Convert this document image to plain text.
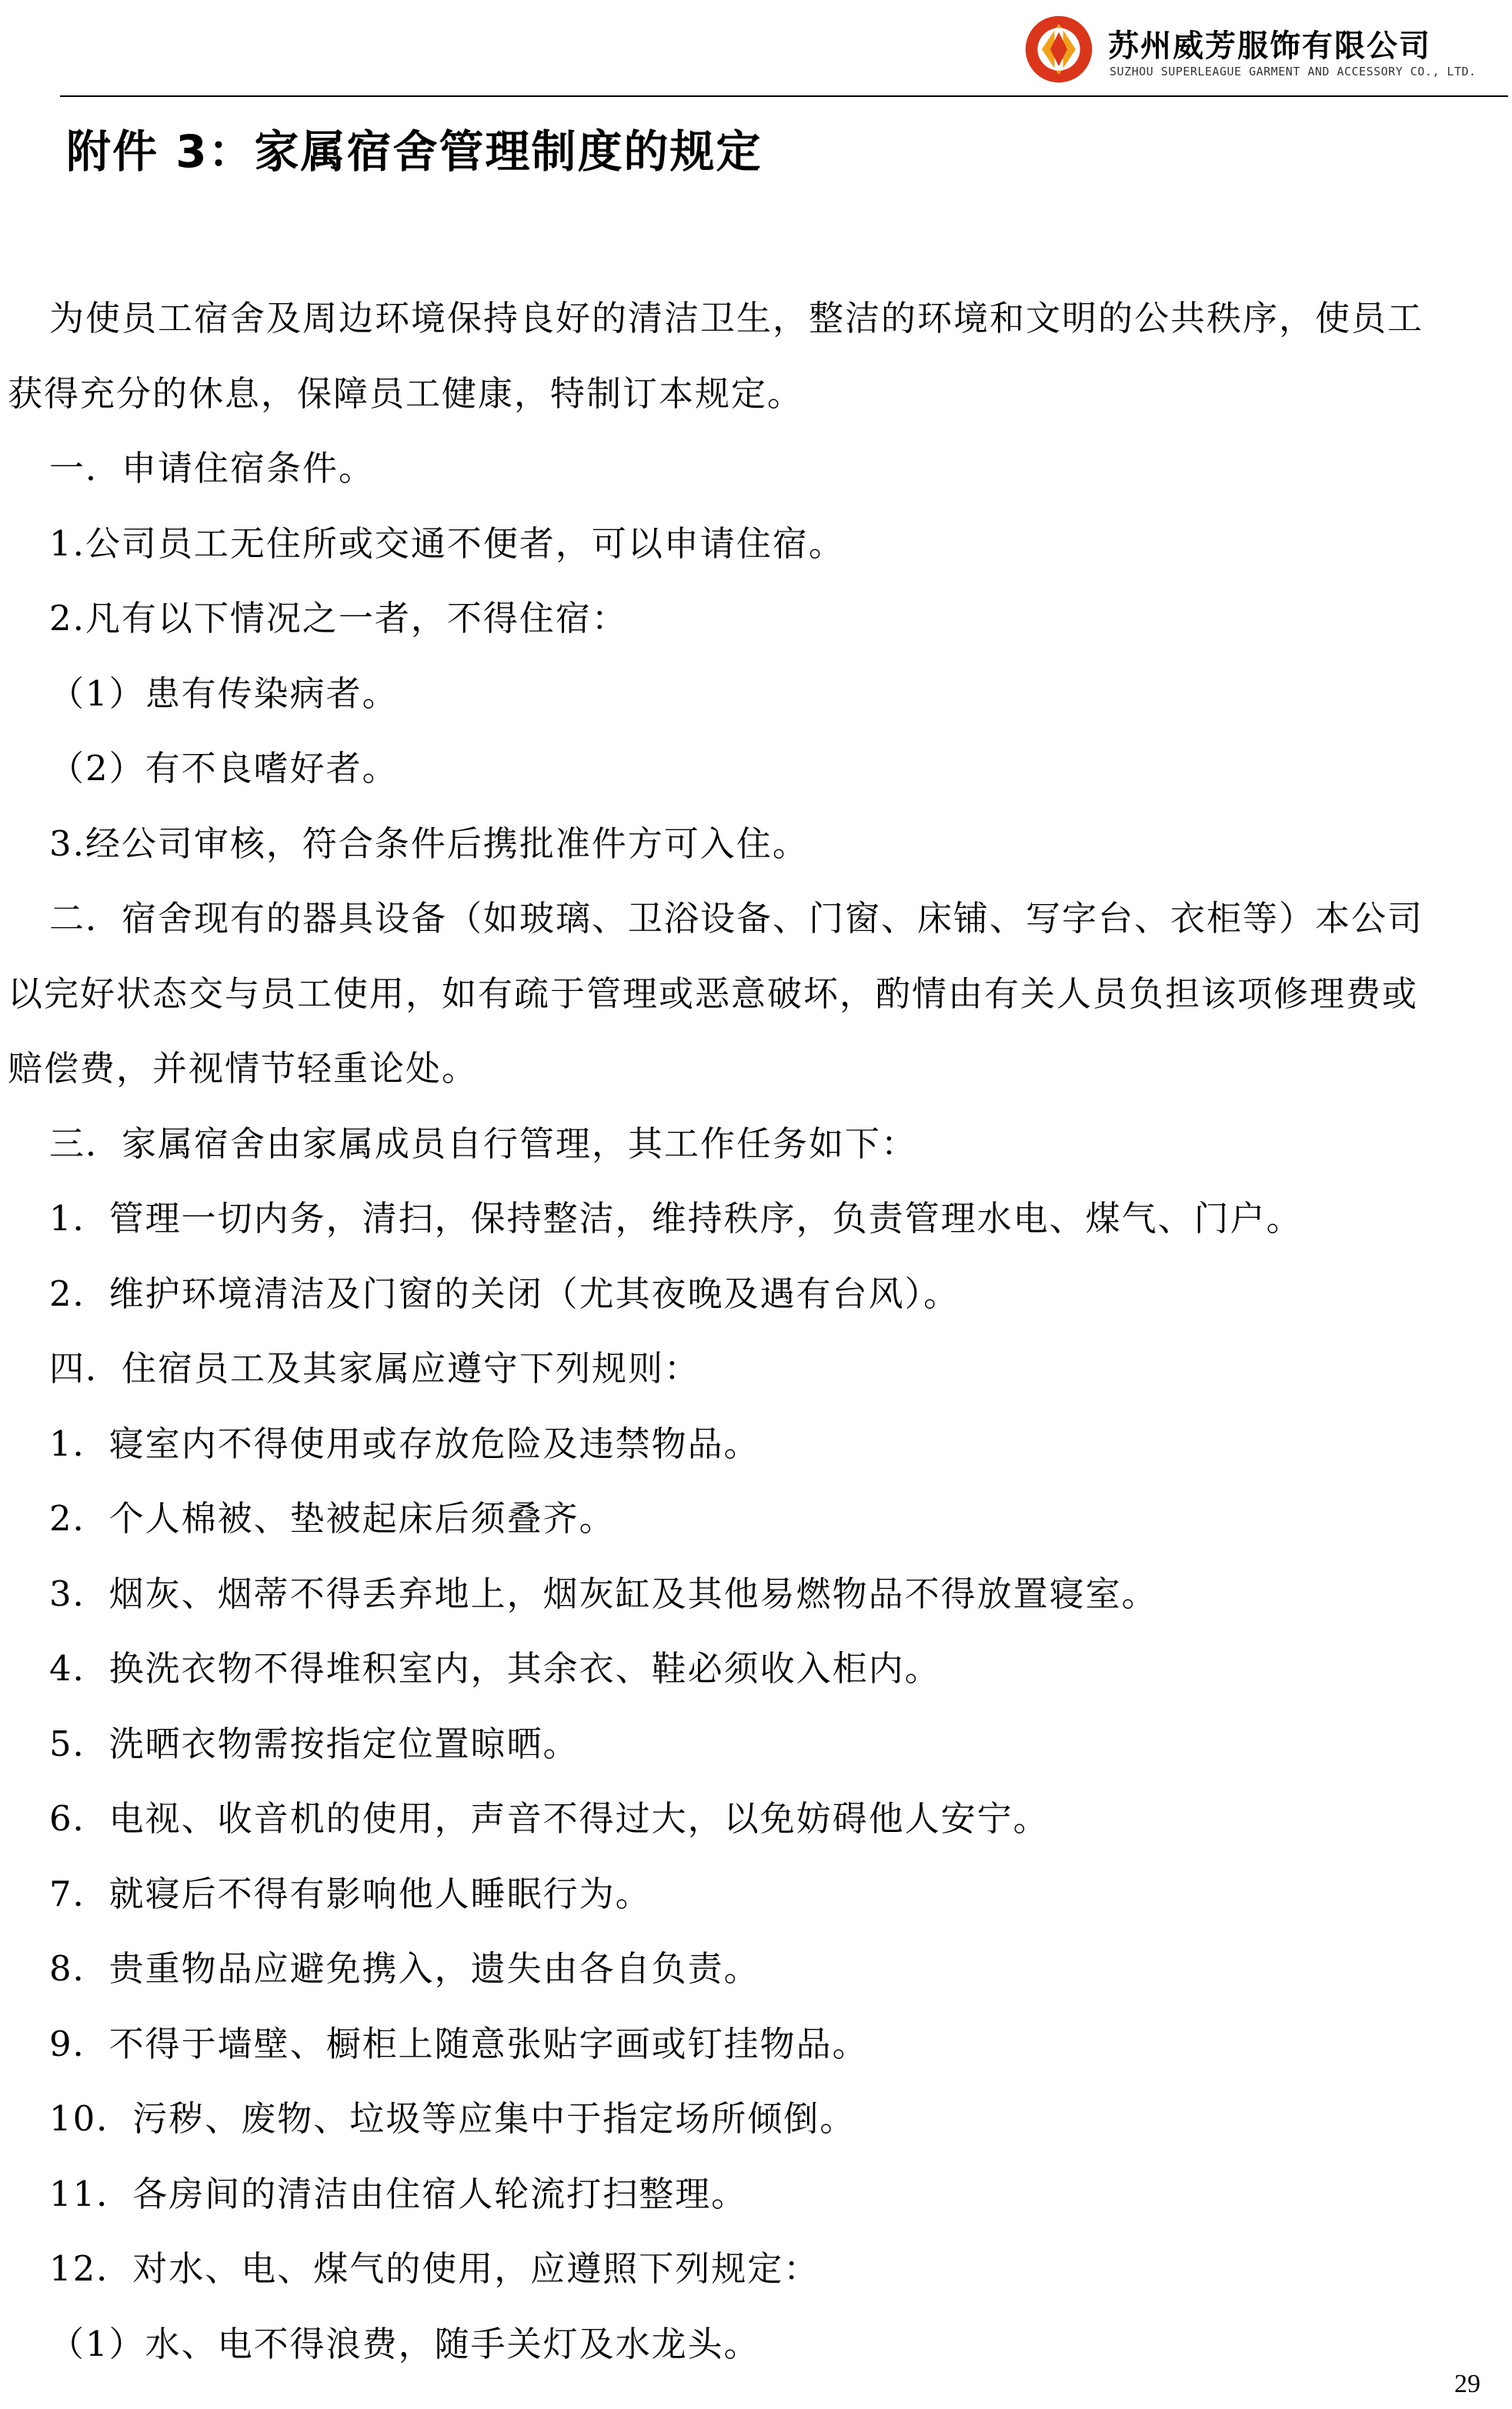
苏州威芳服饰有限公司
SUZHOU SUPERLEAGUE GARMENT AND ACCESSORY CO., LTD.
附件 3：家属宿舍管理制度的规定
为使员工宿舍及周边环境保持良好的清洁卫生，整洁的环境和文明的公共秩序，使员工
获得充分的休息，保障员工健康，特制订本规定。
一．申请住宿条件。
1.公司员工无住所或交通不便者，可以申请住宿。
2.凡有以下情况之一者，不得住宿：
（1）患有传染病者。
（2）有不良嗜好者。
3.经公司审核，符合条件后携批准件方可入住。
二．宿舍现有的器具设备（如玻璃、卫浴设备、门窗、床铺、写字台、衣柜等）本公司
以完好状态交与员工使用，如有疏于管理或恶意破坏，酌情由有关人员负担该项修理费或
赔偿费，并视情节轻重论处。
三．家属宿舍由家属成员自行管理，其工作任务如下：
1．管理一切内务，清扫，保持整洁，维持秩序，负责管理水电、煤气、门户。
2．维护环境清洁及门窗的关闭（尤其夜晚及遇有台风）。
四．住宿员工及其家属应遵守下列规则：
1．寝室内不得使用或存放危险及违禁物品。
2．个人棉被、垫被起床后须叠齐。
3．烟灰、烟蒂不得丢弃地上，烟灰缸及其他易燃物品不得放置寝室。
4．换洗衣物不得堆积室内，其余衣、鞋必须收入柜内。
5．洗晒衣物需按指定位置晾晒。
6．电视、收音机的使用，声音不得过大，以免妨碍他人安宁。
7．就寝后不得有影响他人睡眠行为。
8．贵重物品应避免携入，遗失由各自负责。
9．不得于墙壁、橱柜上随意张贴字画或钉挂物品。
10．污秽、废物、垃圾等应集中于指定场所倾倒。
11．各房间的清洁由住宿人轮流打扫整理。
12．对水、电、煤气的使用，应遵照下列规定：
（1）水、电不得浪费，随手关灯及水龙头。
29
